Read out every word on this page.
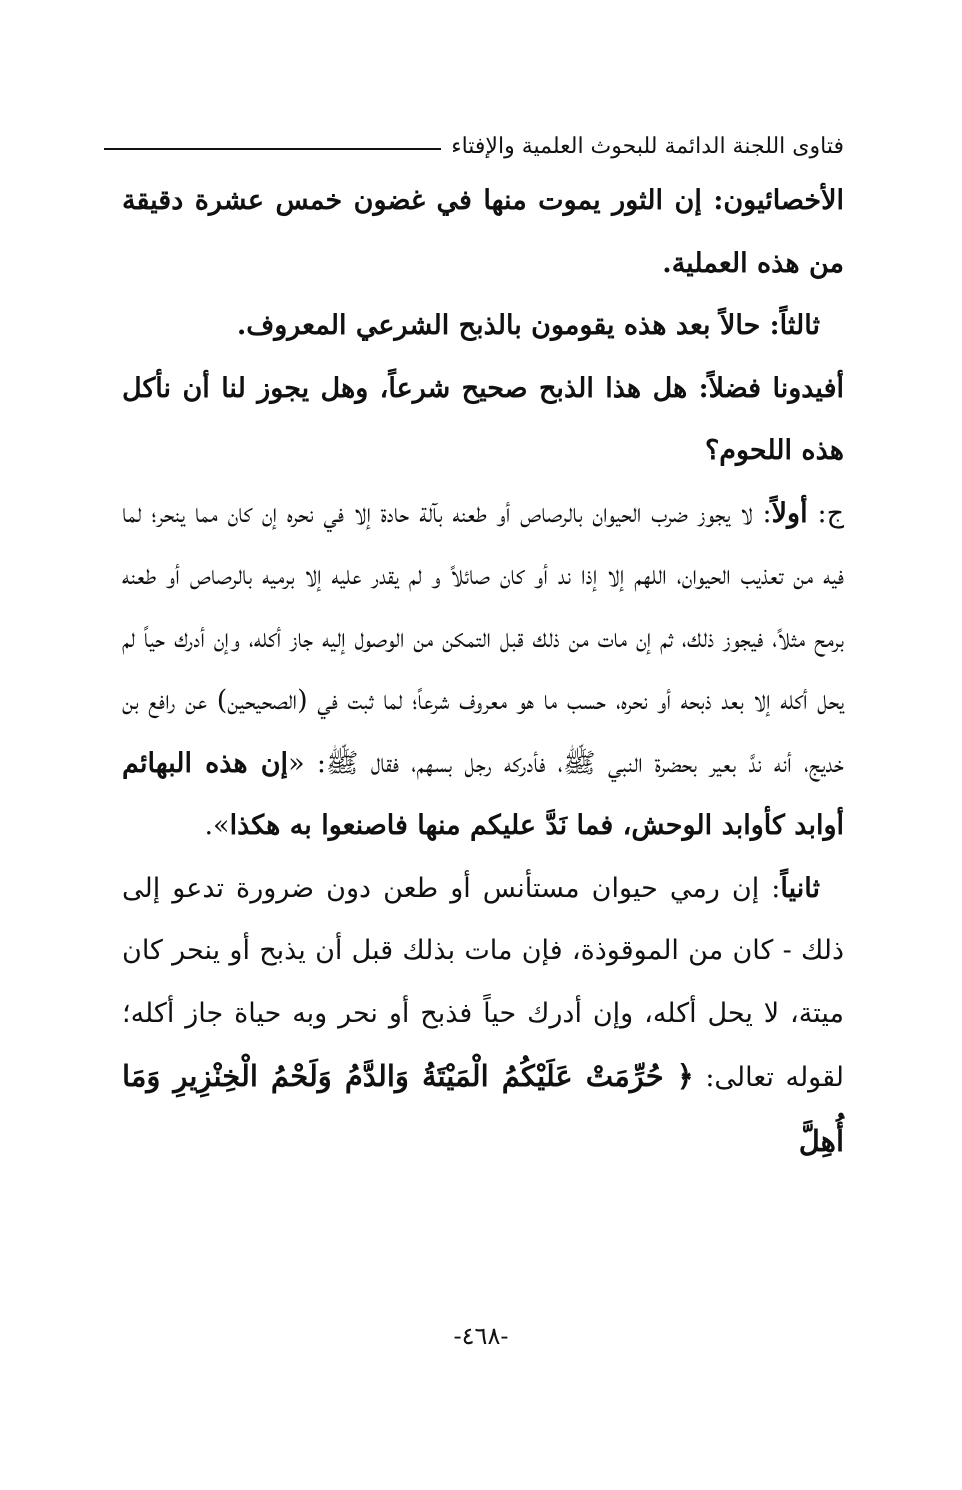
فتاوى اللجنة الدائمة للبحوث العلمية والإفتاء

الأخصائيون: إن الثور يموت منها في غضون خمس عشرة دقيقة من هذه العملية.

ثالثاً: حالاً بعد هذه يقومون بالذبح الشرعي المعروف.

أفيدونا فضلاً: هل هذا الذبح صحيح شرعاً، وهل يجوز لنا أن نأكل هذه اللحوم؟

ج: أولاً: لا يجوز ضرب الحيوان بالرصاص أو طعنه بآلة حادة إلا في نحره إن كان مما ينحر؛ لما فيه من تعذيب الحيوان، اللهم إلا إذا ند أو كان صائلاً و لم يقدر عليه إلا برميه بالرصاص أو طعنه برمح مثلاً، فيجوز ذلك، ثم إن مات من ذلك قبل التمكن من الوصول إليه جاز أكله، وإن أدرك حياً لم يحل أكله إلا بعد ذبحه أو نحره، حسب ما هو معروف شرعاً؛ لما ثبت في (الصحيحين) عن رافع بن خديج، أنه ندَّ بعير بحضرة النبي ﷺ، فأدركه رجل بسهم، فقال ﷺ: «إن هذه البهائم أوابد كأوابد الوحش، فما نَدَّ عليكم منها فاصنعوا به هكذا».

ثانياً: إن رمي حيوان مستأنس أو طعن دون ضرورة تدعو إلى ذلك - كان من الموقوذة، فإن مات بذلك قبل أن يذبح أو ينحر كان ميتة، لا يحل أكله، وإن أدرك حياً فذبح أو نحر وبه حياة جاز أكله؛ لقوله تعالى: ﴿ حُرِّمَتْ عَلَيْكُمُ الْمَيْتَةُ وَالدَّمُ وَلَحْمُ الْخِنْزِيرِ وَمَا أُهِلَّ

-٤٦٨-
